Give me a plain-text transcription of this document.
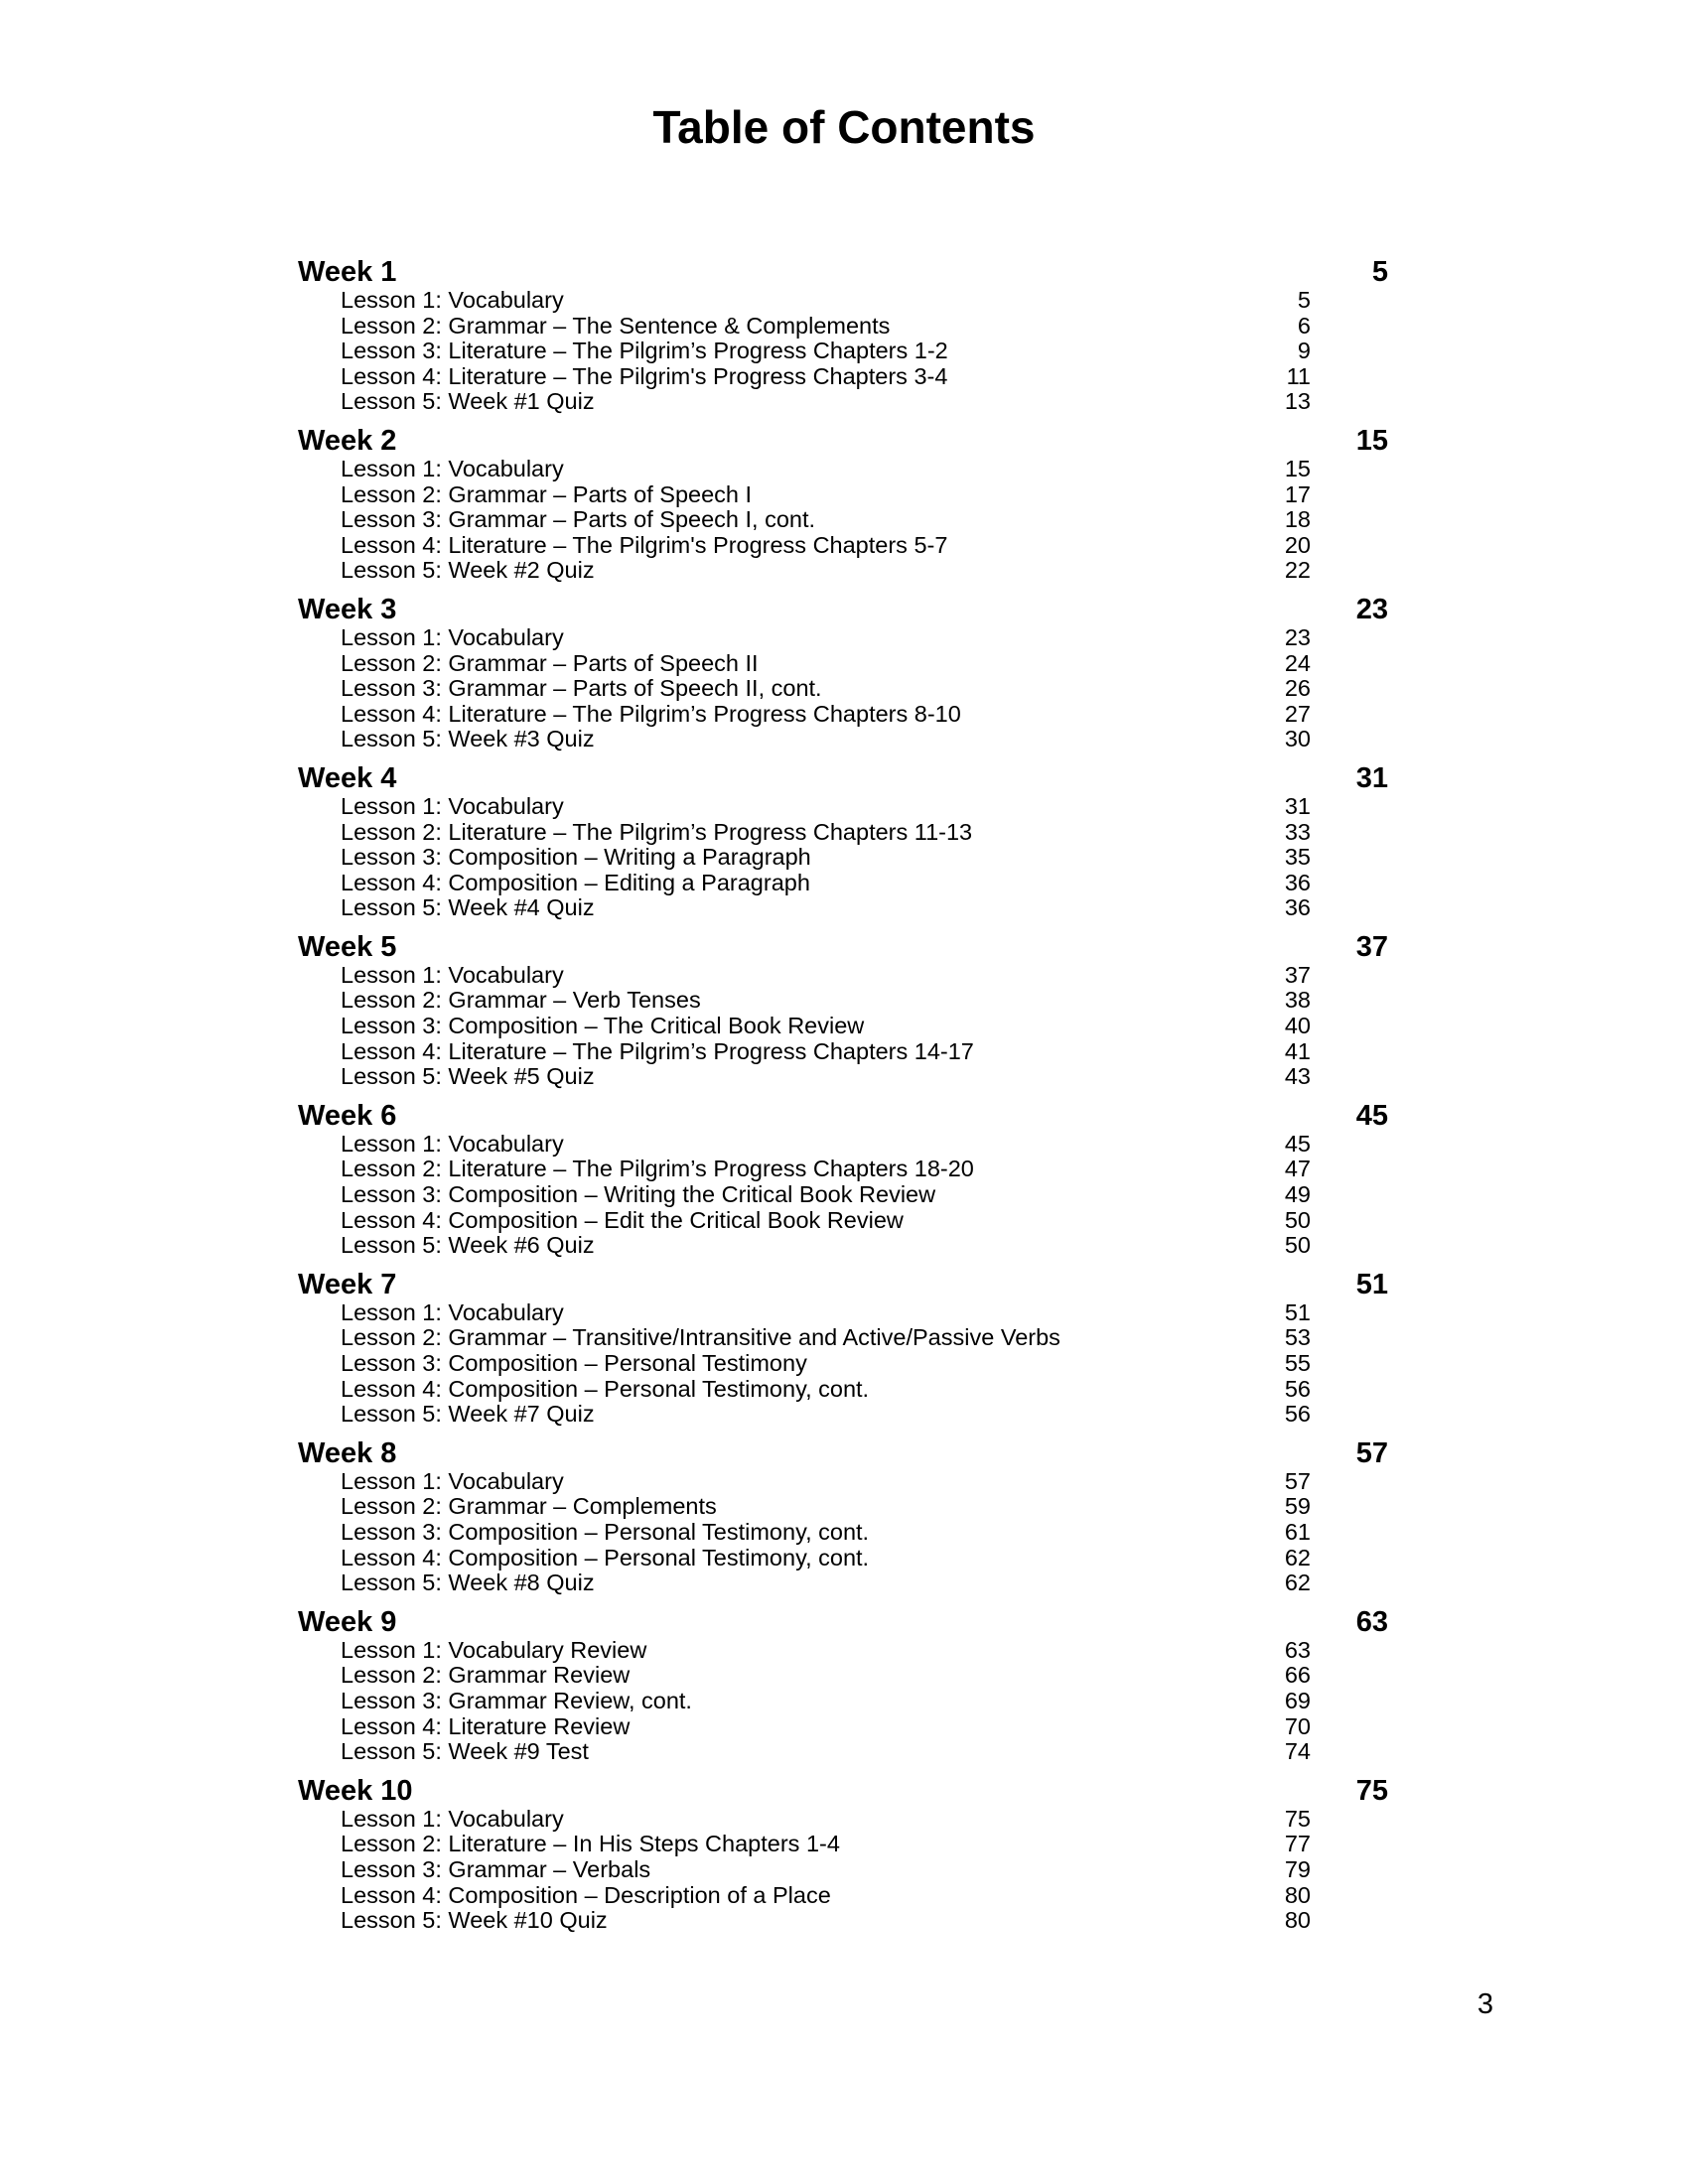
Table of Contents
Week 1	5
Lesson 1: Vocabulary	5
Lesson 2: Grammar – The Sentence & Complements	6
Lesson 3: Literature – The Pilgrim’s Progress Chapters 1-2	9
Lesson 4: Literature – The Pilgrim's Progress Chapters 3-4	11
Lesson 5: Week #1 Quiz	13
Week 2	15
Lesson 1: Vocabulary	15
Lesson 2: Grammar – Parts of Speech I	17
Lesson 3: Grammar – Parts of Speech I, cont.	18
Lesson 4: Literature – The Pilgrim's Progress Chapters 5-7	20
Lesson 5: Week #2 Quiz	22
Week 3	23
Lesson 1: Vocabulary	23
Lesson 2: Grammar – Parts of Speech II	24
Lesson 3: Grammar – Parts of Speech II, cont.	26
Lesson 4: Literature – The Pilgrim’s Progress Chapters 8-10	27
Lesson 5: Week #3 Quiz	30
Week 4	31
Lesson 1: Vocabulary	31
Lesson 2: Literature – The Pilgrim’s Progress Chapters 11-13	33
Lesson 3: Composition – Writing a Paragraph	35
Lesson 4: Composition – Editing a Paragraph	36
Lesson 5: Week #4 Quiz	36
Week 5	37
Lesson 1: Vocabulary	37
Lesson 2: Grammar – Verb Tenses	38
Lesson 3: Composition – The Critical Book Review	40
Lesson 4: Literature – The Pilgrim’s Progress Chapters 14-17	41
Lesson 5: Week #5 Quiz	43
Week 6	45
Lesson 1: Vocabulary	45
Lesson 2: Literature – The Pilgrim’s Progress Chapters 18-20	47
Lesson 3: Composition – Writing the Critical Book Review	49
Lesson 4: Composition – Edit the Critical Book Review	50
Lesson 5: Week #6 Quiz	50
Week 7	51
Lesson 1: Vocabulary	51
Lesson 2: Grammar – Transitive/Intransitive and Active/Passive Verbs	53
Lesson 3: Composition – Personal Testimony	55
Lesson 4: Composition – Personal Testimony, cont.	56
Lesson 5: Week #7 Quiz	56
Week 8	57
Lesson 1: Vocabulary	57
Lesson 2: Grammar – Complements	59
Lesson 3: Composition – Personal Testimony, cont.	61
Lesson 4: Composition – Personal Testimony, cont.	62
Lesson 5: Week #8 Quiz	62
Week 9	63
Lesson 1: Vocabulary Review	63
Lesson 2: Grammar Review	66
Lesson 3: Grammar Review, cont.	69
Lesson 4: Literature Review	70
Lesson 5: Week #9 Test	74
Week 10	75
Lesson 1: Vocabulary	75
Lesson 2: Literature – In His Steps Chapters 1-4	77
Lesson 3: Grammar – Verbals	79
Lesson 4: Composition – Description of a Place	80
Lesson 5: Week #10 Quiz	80
3
